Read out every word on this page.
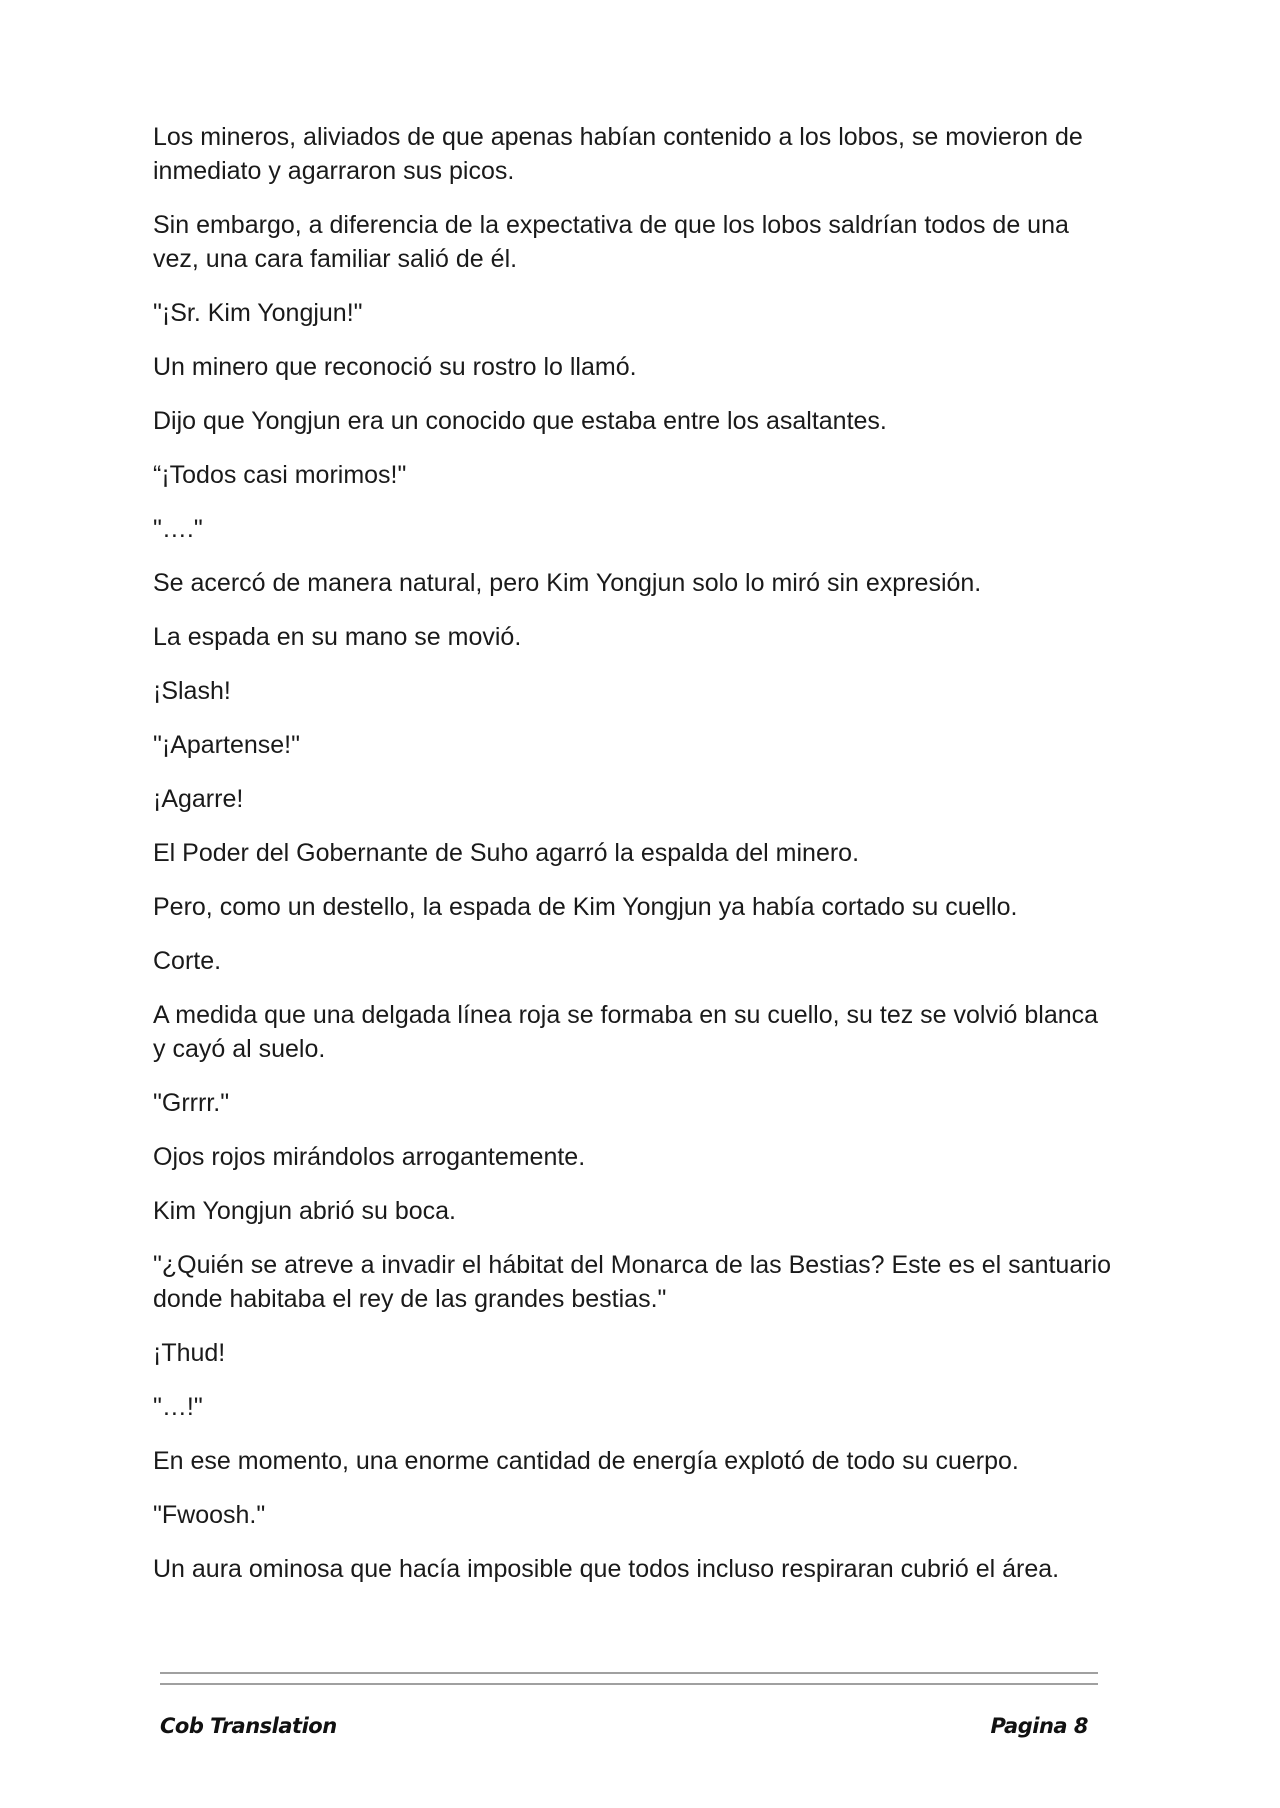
Los mineros, aliviados de que apenas habían contenido a los lobos, se movieron de inmediato y agarraron sus picos.

Sin embargo, a diferencia de la expectativa de que los lobos saldrían todos de una vez, una cara familiar salió de él.

"¡Sr. Kim Yongjun!"

Un minero que reconoció su rostro lo llamó.

Dijo que Yongjun era un conocido que estaba entre los asaltantes.

“¡Todos casi morimos!"

"…."

Se acercó de manera natural, pero Kim Yongjun solo lo miró sin expresión.

La espada en su mano se movió.

¡Slash!

"¡Apartense!"

¡Agarre!

El Poder del Gobernante de Suho agarró la espalda del minero.

Pero, como un destello, la espada de Kim Yongjun ya había cortado su cuello.

Corte.

A medida que una delgada línea roja se formaba en su cuello, su tez se volvió blanca y cayó al suelo.

"Grrrr."

Ojos rojos mirándolos arrogantemente.

Kim Yongjun abrió su boca.

"¿Quién se atreve a invadir el hábitat del Monarca de las Bestias? Este es el santuario donde habitaba el rey de las grandes bestias."

¡Thud!

"…!"

En ese momento, una enorme cantidad de energía explotó de todo su cuerpo.

"Fwoosh."

Un aura ominosa que hacía imposible que todos incluso respiraran cubrió el área.

Cob Translation	Pagina 8
